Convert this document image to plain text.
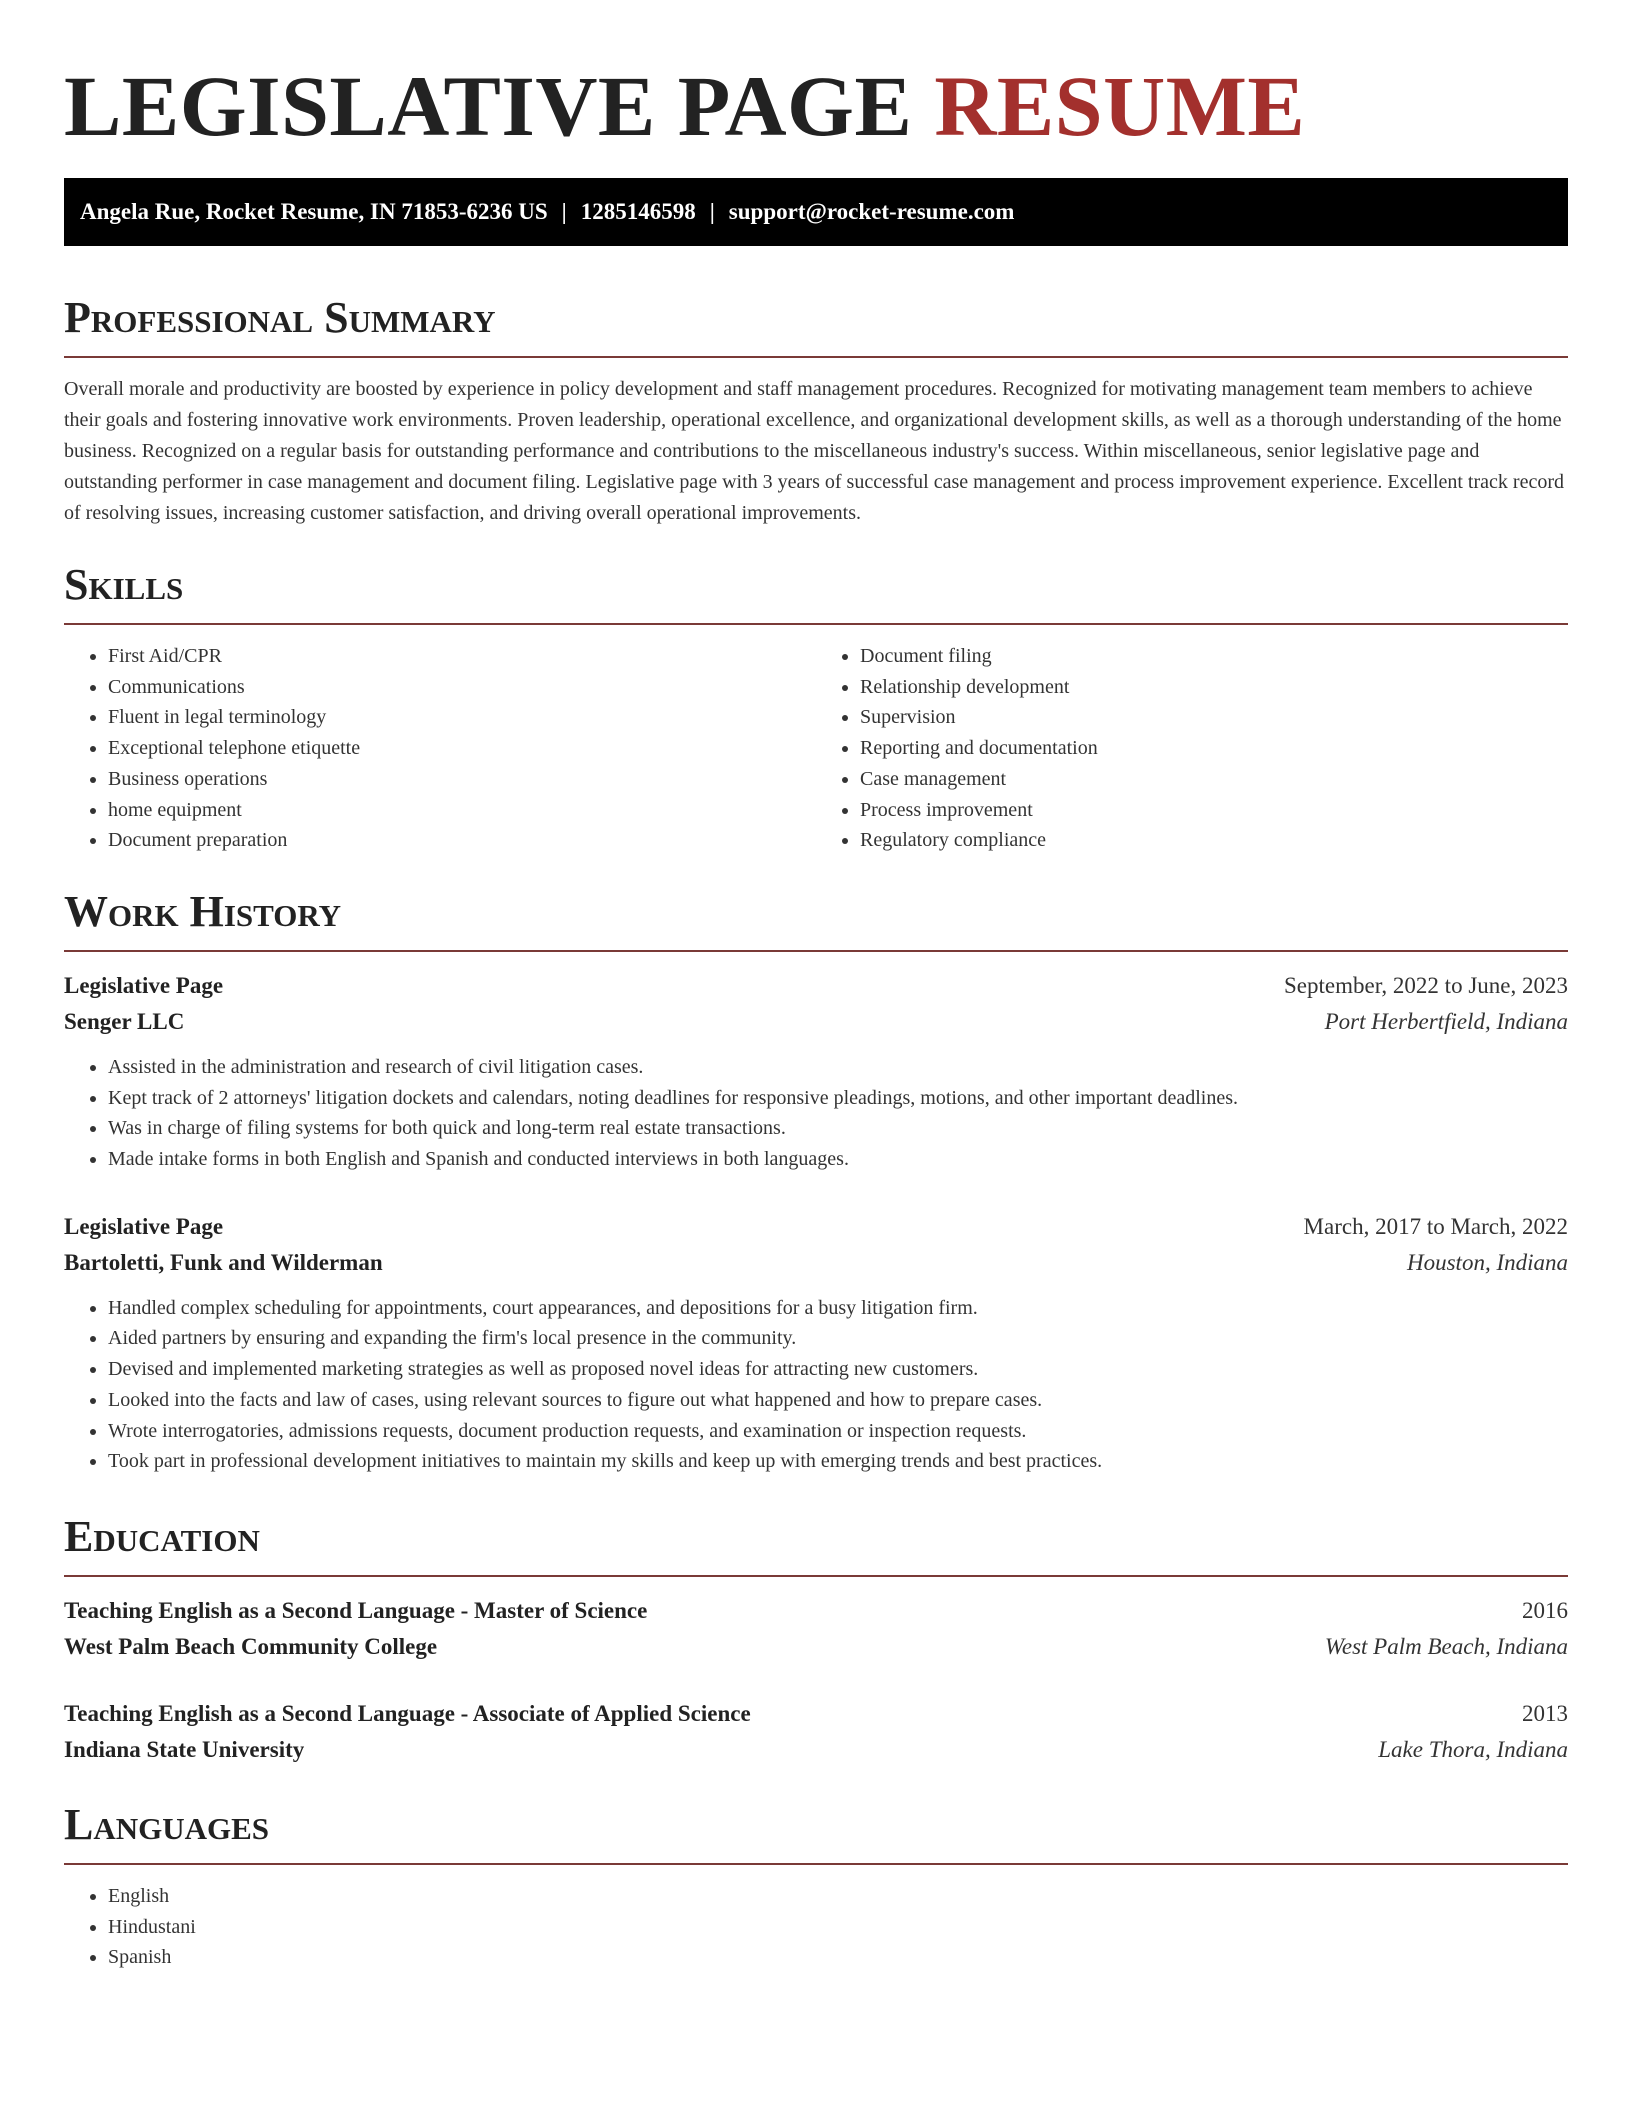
LEGISLATIVE PAGE RESUME
Angela Rue, Rocket Resume, IN 71853-6236 US | 1285146598 | support@rocket-resume.com
Professional Summary

Overall morale and productivity are boosted by experience in policy development and staff management procedures. Recognized for motivating management team members to achieve their goals and fostering innovative work environments. Proven leadership, operational excellence, and organizational development skills, as well as a thorough understanding of the home business. Recognized on a regular basis for outstanding performance and contributions to the miscellaneous industry's success. Within miscellaneous, senior legislative page and outstanding performer in case management and document filing. Legislative page with 3 years of successful case management and process improvement experience. Excellent track record of resolving issues, increasing customer satisfaction, and driving overall operational improvements.

Skills
• First Aid/CPR
• Communications
• Fluent in legal terminology
• Exceptional telephone etiquette
• Business operations
• home equipment
• Document preparation
• Document filing
• Relationship development
• Supervision
• Reporting and documentation
• Case management
• Process improvement
• Regulatory compliance
Work History
Legislative Page	September, 2022 to June, 2023
Senger LLC	Port Herbertfield, Indiana
• Assisted in the administration and research of civil litigation cases.
• Kept track of 2 attorneys' litigation dockets and calendars, noting deadlines for responsive pleadings, motions, and other important deadlines.
• Was in charge of filing systems for both quick and long-term real estate transactions.
• Made intake forms in both English and Spanish and conducted interviews in both languages.
Legislative Page	March, 2017 to March, 2022
Bartoletti, Funk and Wilderman	Houston, Indiana
• Handled complex scheduling for appointments, court appearances, and depositions for a busy litigation firm.
• Aided partners by ensuring and expanding the firm's local presence in the community.
• Devised and implemented marketing strategies as well as proposed novel ideas for attracting new customers.
• Looked into the facts and law of cases, using relevant sources to figure out what happened and how to prepare cases.
• Wrote interrogatories, admissions requests, document production requests, and examination or inspection requests.
• Took part in professional development initiatives to maintain my skills and keep up with emerging trends and best practices.
Education
Teaching English as a Second Language - Master of Science	2016
West Palm Beach Community College	West Palm Beach, Indiana
Teaching English as a Second Language - Associate of Applied Science	2013
Indiana State University	Lake Thora, Indiana
Languages
• English
• Hindustani
• Spanish
